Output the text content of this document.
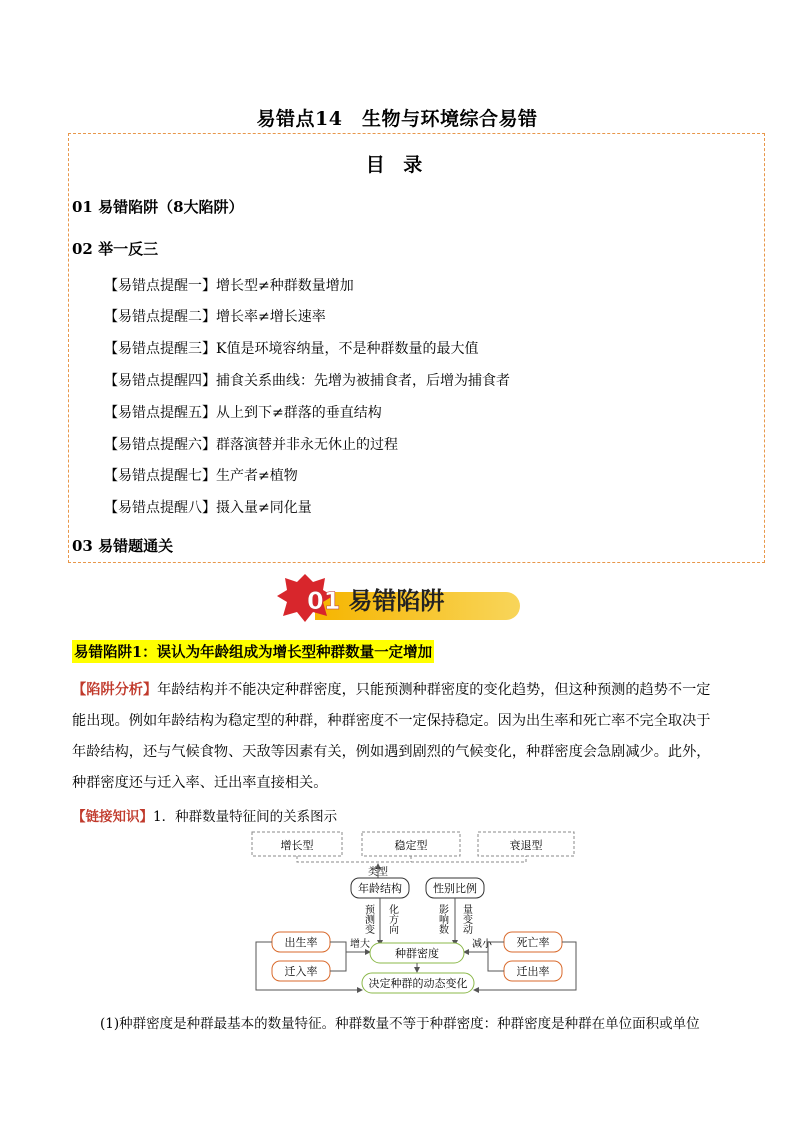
易错点14　生物与环境综合易错
目 录
01 易错陷阱（8大陷阱）
02 举一反三
【易错点提醒一】增长型≠种群数量增加
【易错点提醒二】增长率≠增长速率
【易错点提醒三】K值是环境容纳量，不是种群数量的最大值
【易错点提醒四】捕食关系曲线：先增为被捕食者，后增为捕食者
【易错点提醒五】从上到下≠群落的垂直结构
【易错点提醒六】群落演替并非永无休止的过程
【易错点提醒七】生产者≠植物
【易错点提醒八】摄入量≠同化量
03 易错题通关
01 易错陷阱
易错陷阱1：误认为年龄组成为增长型种群数量一定增加
【陷阱分析】年龄结构并不能决定种群密度，只能预测种群密度的变化趋势，但这种预测的趋势不一定能出现。例如年龄结构为稳定型的种群，种群密度不一定保持稳定。因为出生率和死亡率不完全取决于年龄结构，还与气候食物、天敌等因素有关，例如遇到剧烈的气候变化，种群密度会急剧减少。此外，种群密度还与迁入率、迁出率直接相关。
【链接知识】1．种群数量特征间的关系图示
增长型	稳定型	衰退型
类型
年龄结构	性别比例
预测变 化方向	影响数 量变动
出生率
迁入率
增大	死亡率
迁出率
减小
种群密度
决定种群的动态变化
(1)种群密度是种群最基本的数量特征。种群数量不等于种群密度：种群密度是种群在单位面积或单位
